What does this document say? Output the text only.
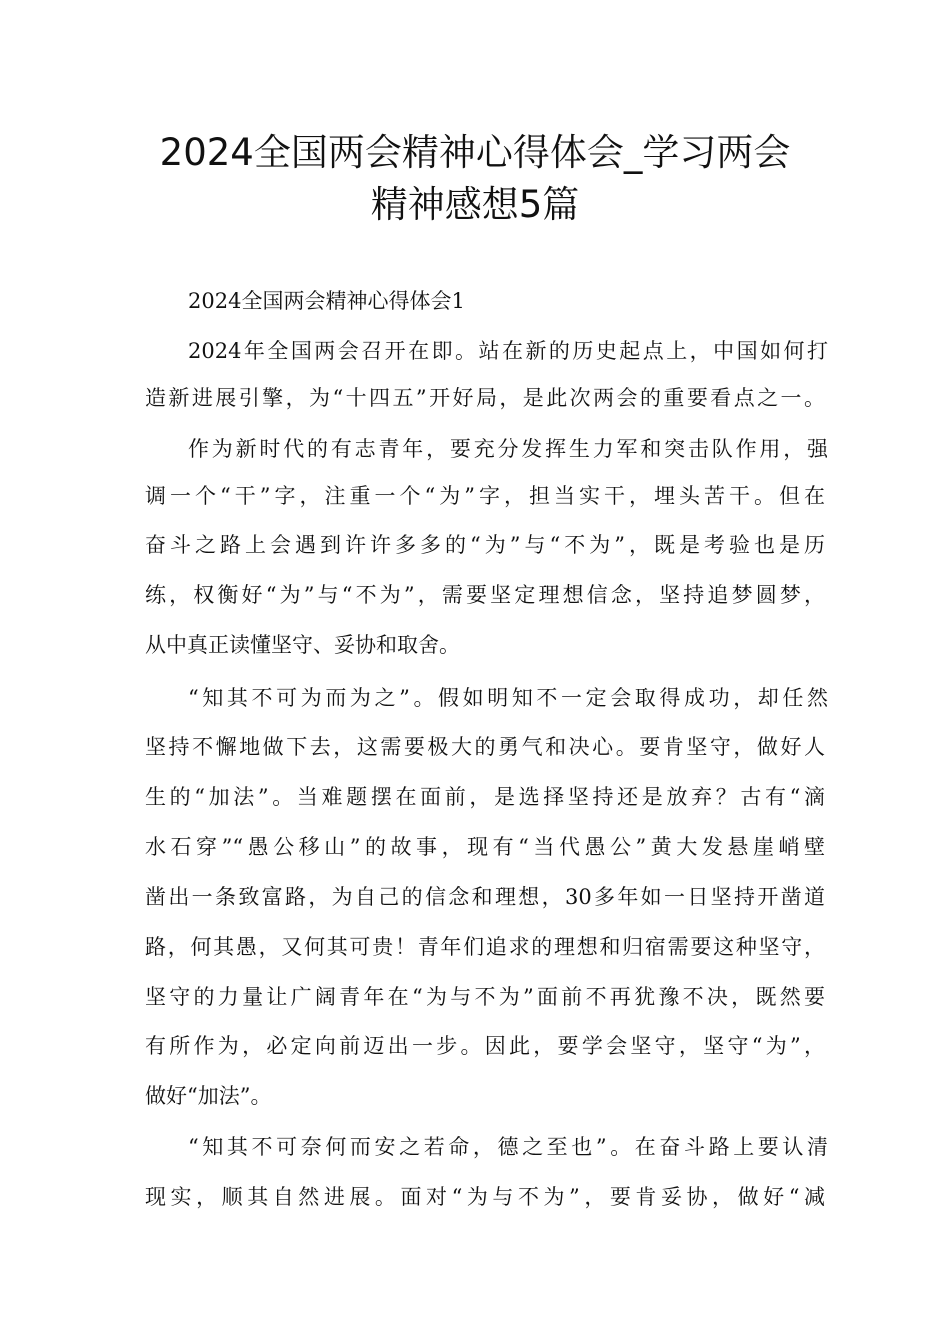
2024全国两会精神心得体会_学习两会
精神感想5篇

2024全国两会精神心得体会1

2024年全国两会召开在即。站在新的历史起点上，中国如何打

造新进展引擎，为“十四五”开好局，是此次两会的重要看点之一。

作为新时代的有志青年，要充分发挥生力军和突击队作用，强

调一个“干”字，注重一个“为”字，担当实干，埋头苦干。但在

奋斗之路上会遇到许许多多的“为”与“不为”，既是考验也是历

练，权衡好“为”与“不为”，需要坚定理想信念，坚持追梦圆梦，

从中真正读懂坚守、妥协和取舍。

“知其不可为而为之”。假如明知不一定会取得成功，却任然

坚持不懈地做下去，这需要极大的勇气和决心。要肯坚守，做好人

生的“加法”。当难题摆在面前，是选择坚持还是放弃？古有“滴

水石穿”“愚公移山”的故事，现有“当代愚公”黄大发悬崖峭壁

凿出一条致富路，为自己的信念和理想，30多年如一日坚持开凿道

路，何其愚，又何其可贵！青年们追求的理想和归宿需要这种坚守，

坚守的力量让广阔青年在“为与不为”面前不再犹豫不决，既然要

有所作为，必定向前迈出一步。因此，要学会坚守，坚守“为”，

做好“加法”。

“知其不可奈何而安之若命，德之至也”。在奋斗路上要认清

现实，顺其自然进展。面对“为与不为”，要肯妥协，做好“减
